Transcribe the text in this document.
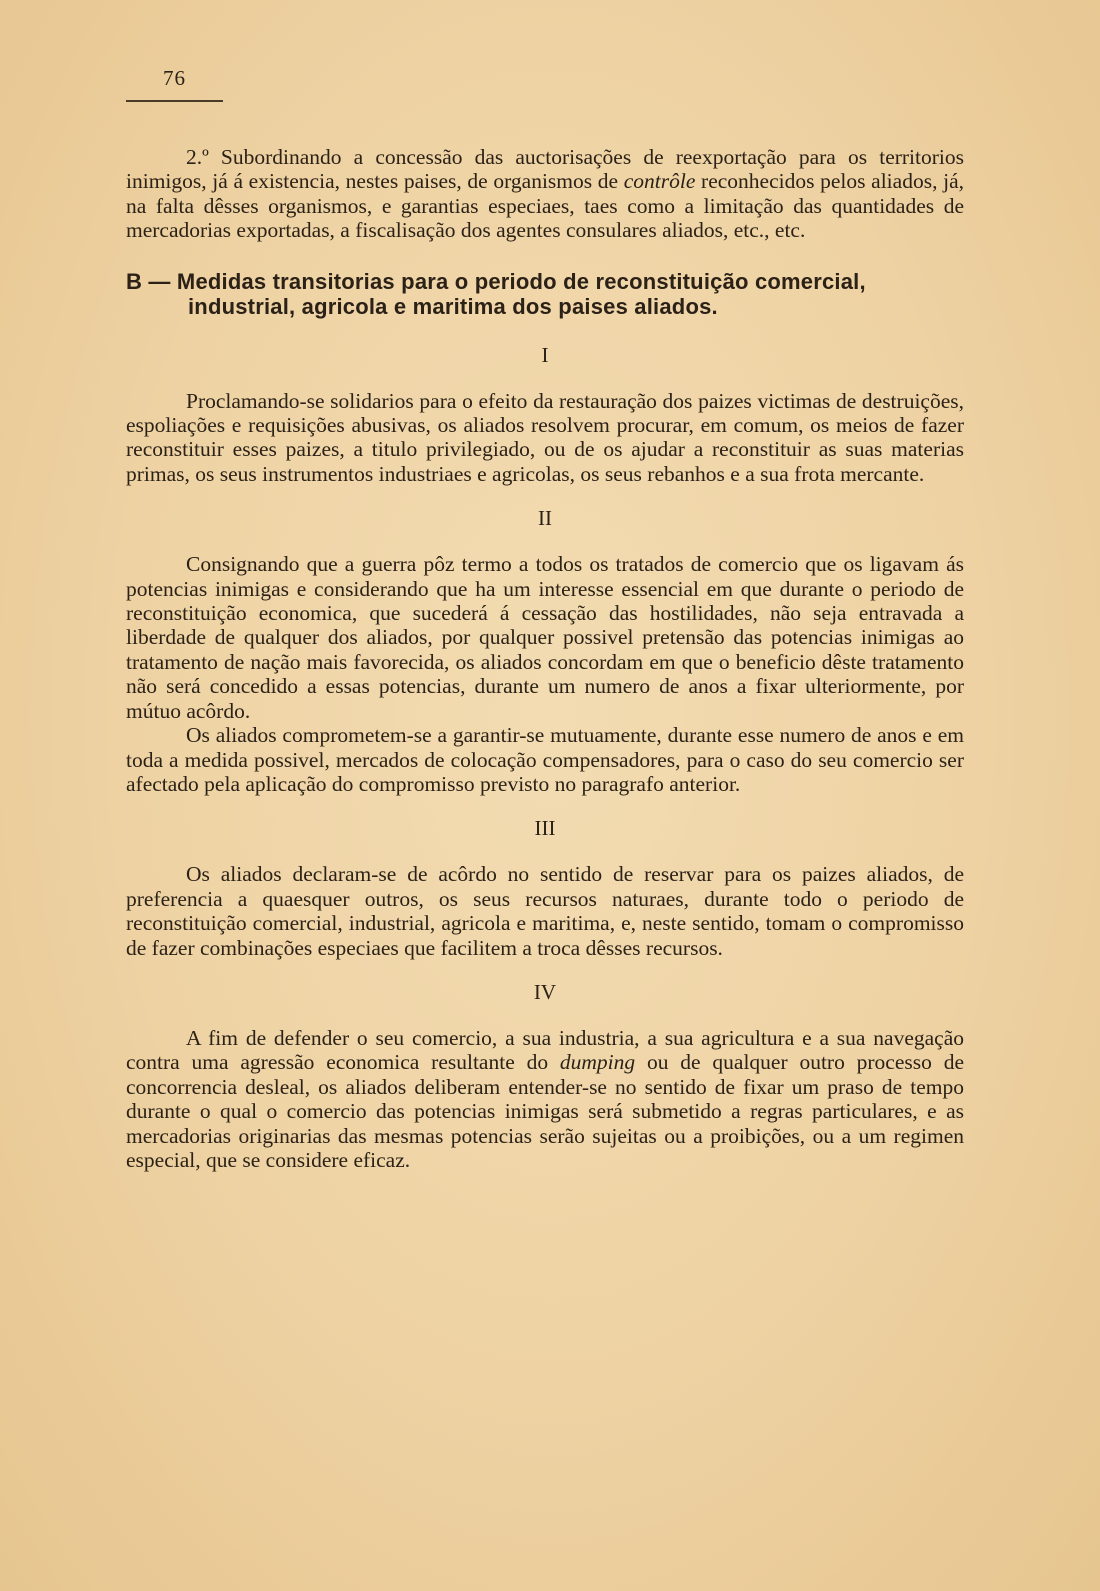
76

2.º Subordinando a concessão das auctorisações de reexportação para os territorios inimigos, já á existencia, nestes paises, de organismos de contrôle reconhecidos pelos aliados, já, na falta dêsses organismos, e garantias especiaes, taes como a limitação das quantidades de mercadorias exportadas, a fiscalisação dos agentes consulares aliados, etc., etc.

B — Medidas transitorias para o periodo de reconstituição comercial, industrial, agricola e maritima dos paises aliados.

I

Proclamando-se solidarios para o efeito da restauração dos paizes victimas de destruições, espoliações e requisições abusivas, os aliados resolvem procurar, em comum, os meios de fazer reconstituir esses paizes, a titulo privilegiado, ou de os ajudar a reconstituir as suas materias primas, os seus instrumentos industriaes e agricolas, os seus rebanhos e a sua frota mercante.

II

Consignando que a guerra pôz termo a todos os tratados de comercio que os ligavam ás potencias inimigas e considerando que ha um interesse essencial em que durante o periodo de reconstituição economica, que sucederá á cessação das hostilidades, não seja entravada a liberdade de qualquer dos aliados, por qualquer possivel pretensão das potencias inimigas ao tratamento de nação mais favorecida, os aliados concordam em que o beneficio dêste tratamento não será concedido a essas potencias, durante um numero de anos a fixar ulteriormente, por mútuo acôrdo.

Os aliados comprometem-se a garantir-se mutuamente, durante esse numero de anos e em toda a medida possivel, mercados de colocação compensadores, para o caso do seu comercio ser afectado pela aplicação do compromisso previsto no paragrafo anterior.

III

Os aliados declaram-se de acôrdo no sentido de reservar para os paizes aliados, de preferencia a quaesquer outros, os seus recursos naturaes, durante todo o periodo de reconstituição comercial, industrial, agricola e maritima, e, neste sentido, tomam o compromisso de fazer combinações especiaes que facilitem a troca dêsses recursos.

IV

A fim de defender o seu comercio, a sua industria, a sua agricultura e a sua navegação contra uma agressão economica resultante do dumping ou de qualquer outro processo de concorrencia desleal, os aliados deliberam entender-se no sentido de fixar um praso de tempo durante o qual o comercio das potencias inimigas será submetido a regras particulares, e as mercadorias originarias das mesmas potencias serão sujeitas ou a proibições, ou a um regimen especial, que se considere eficaz.
